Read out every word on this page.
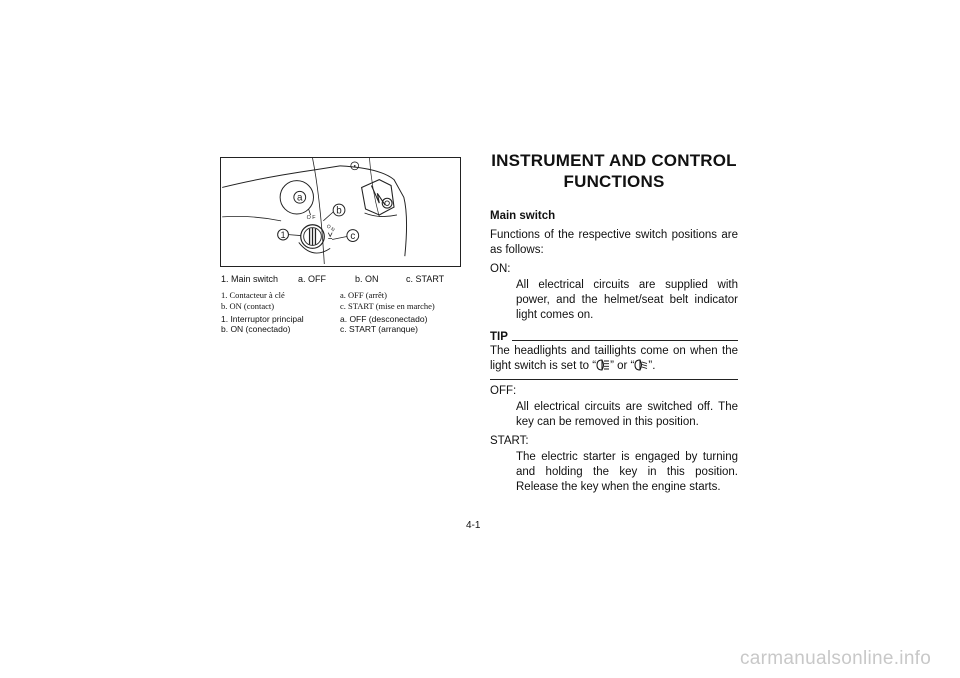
O F
O N
a
b
c
1
1. Main switch a. OFF	b. ON	c. START
1. Contacteur à clé	a. OFF (arrêt)
b. ON (contact)	c. START (mise en marche)
1. Interruptor principal	a. OFF (desconectado)
b. ON (conectado)	c. START (arranque)
INSTRUMENT AND CONTROL
FUNCTIONS
Main switch

Functions of the respective switch positions are as follows:

ON:

All electrical circuits are supplied with power, and the helmet/seat belt indicator light comes on.

TIP

The headlights and taillights come on when the light switch is set to “ ” or “ ”.

OFF:

All electrical circuits are switched off. The key can be removed in this position.

START:

The electric starter is engaged by turning and holding the key in this position. Release the key when the engine starts.

4-1
carmanualsonline.info
